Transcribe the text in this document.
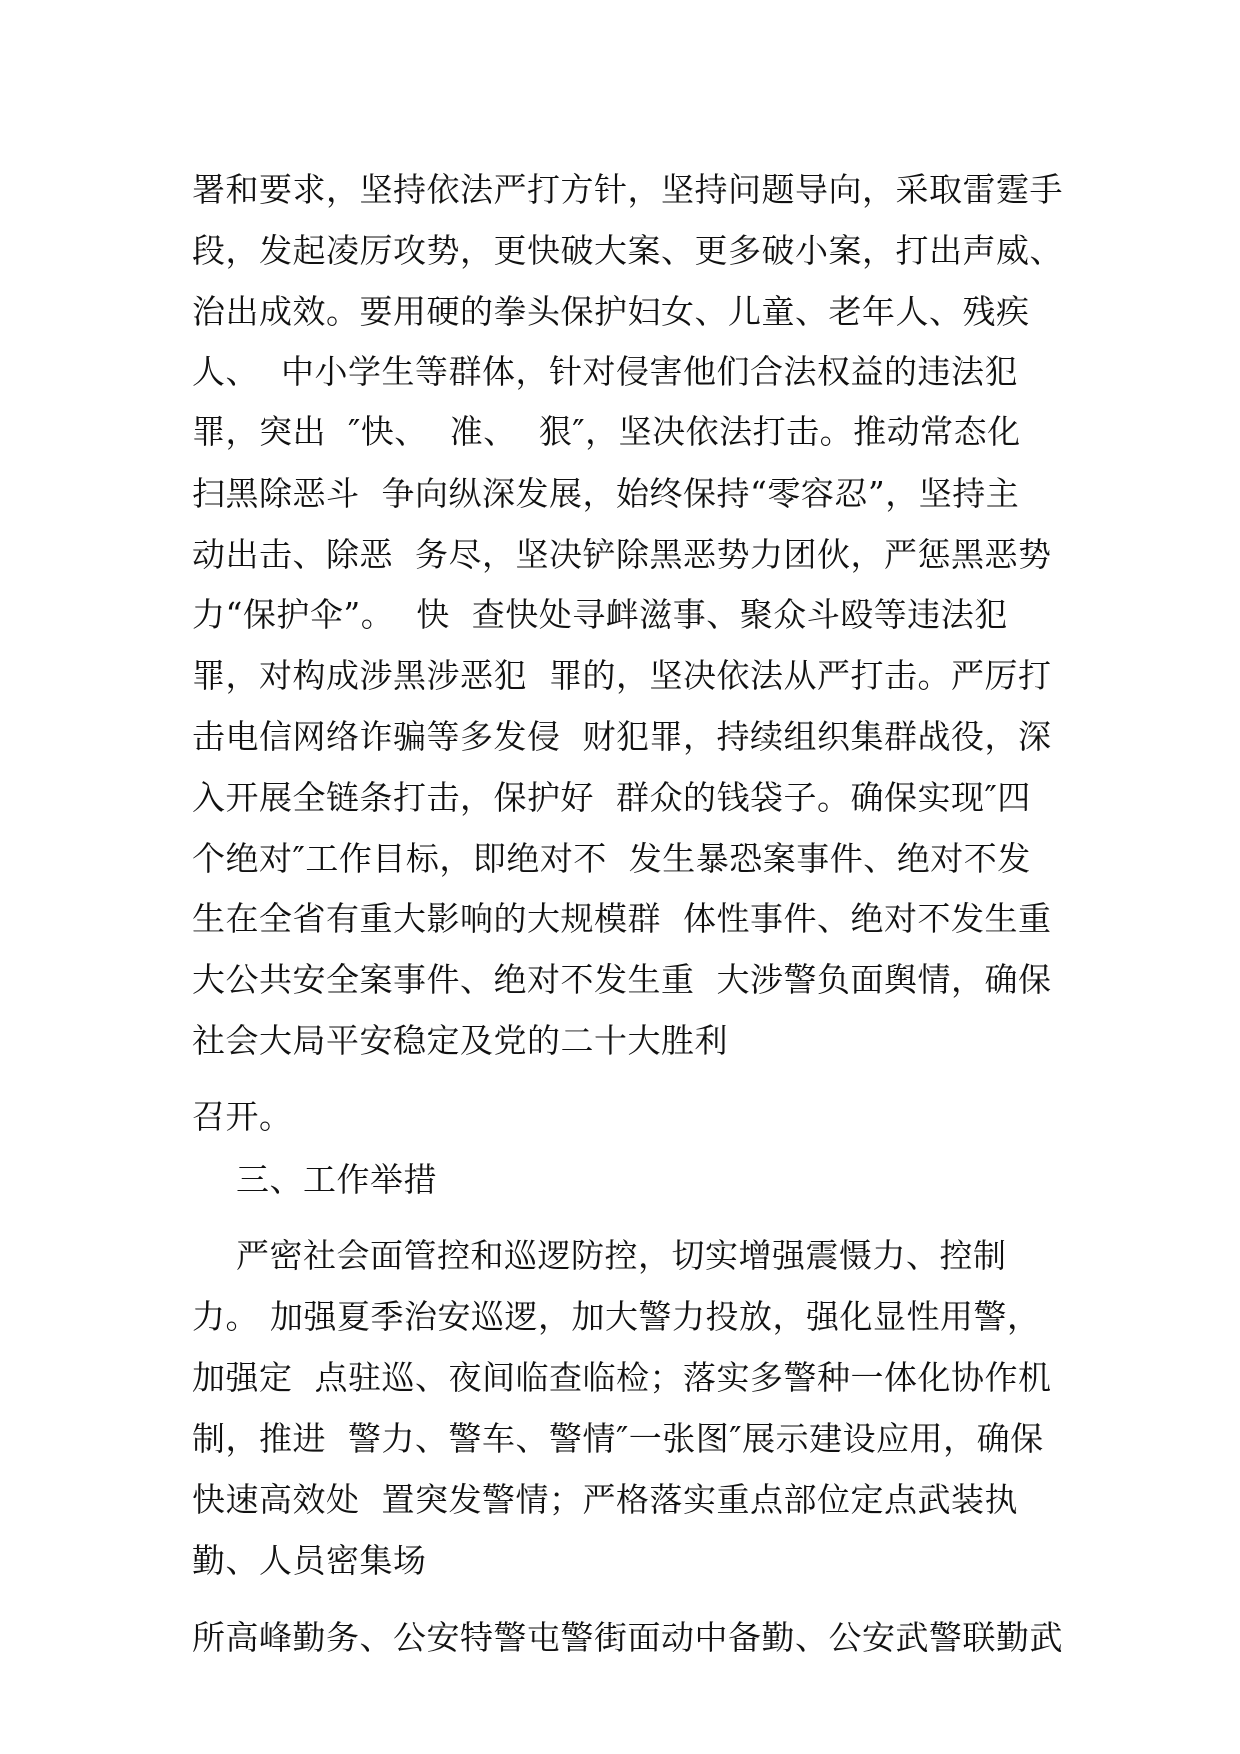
署和要求，坚持依法严打方针，坚持问题导向，采取雷霆手
段，发起凌厉攻势，更快破大案、更多破小案，打出声威、
治出成效。要用硬的拳头保护妇女、儿童、老年人、残疾
人、  中小学生等群体，针对侵害他们合法权益的违法犯
罪，突出  ″快、  准、  狠″，坚决依法打击。推动常态化
扫黑除恶斗  争向纵深发展，始终保持“零容忍”，坚持主
动出击、除恶  务尽，坚决铲除黑恶势力团伙，严惩黑恶势
力“保护伞”。  快  查快处寻衅滋事、聚众斗殴等违法犯
罪，对构成涉黑涉恶犯  罪的，坚决依法从严打击。严厉打
击电信网络诈骗等多发侵  财犯罪，持续组织集群战役，深
入开展全链条打击，保护好  群众的钱袋子。确保实现″四
个绝对″工作目标，即绝对不  发生暴恐案事件、绝对不发
生在全省有重大影响的大规模群  体性事件、绝对不发生重
大公共安全案事件、绝对不发生重  大涉警负面舆情，确保
社会大局平安稳定及党的二十大胜利
召开。
三、工作举措
严密社会面管控和巡逻防控，切实增强震慑力、控制
力。 加强夏季治安巡逻，加大警力投放，强化显性用警，
加强定  点驻巡、夜间临查临检；落实多警种一体化协作机
制，推进  警力、警车、警情″一张图″展示建设应用，确保
快速高效处  置突发警情；严格落实重点部位定点武装执
勤、人员密集场
所高峰勤务、公安特警屯警街面动中备勤、公安武警联勤武
